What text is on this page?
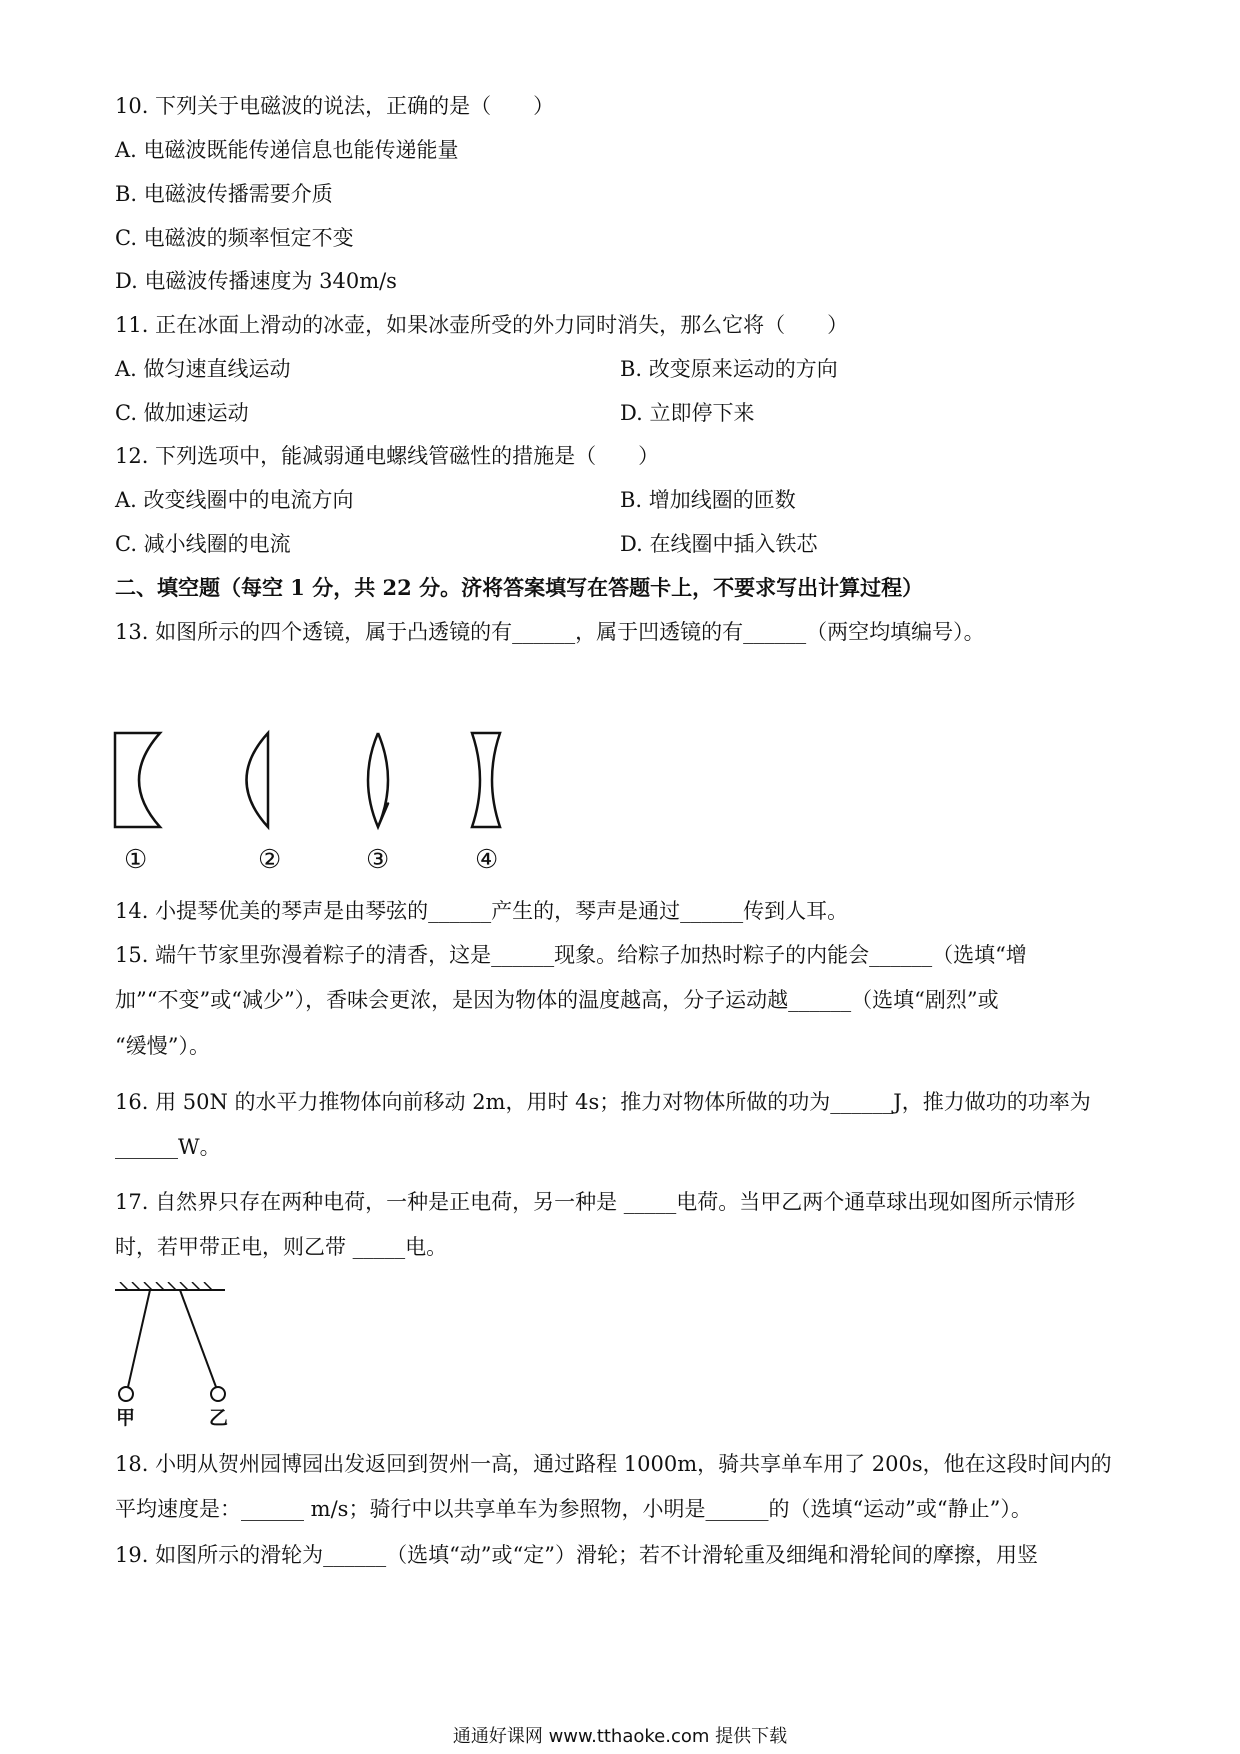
10. 下列关于电磁波的说法，正确的是（　　）
A. 电磁波既能传递信息也能传递能量
B. 电磁波传播需要介质
C. 电磁波的频率恒定不变
D. 电磁波传播速度为 340m/s
11. 正在冰面上滑动的冰壶，如果冰壶所受的外力同时消失，那么它将（　　）
A. 做匀速直线运动	B. 改变原来运动的方向
C. 做加速运动	D. 立即停下来
12. 下列选项中，能减弱通电螺线管磁性的措施是（　　）
A. 改变线圈中的电流方向	B. 增加线圈的匝数
C. 减小线圈的电流	D. 在线圈中插入铁芯
二、填空题（每空 1 分，共 22 分。济将答案填写在答题卡上，不要求写出计算过程）
13. 如图所示的四个透镜，属于凸透镜的有______，属于凹透镜的有______（两空均填编号）。
①	②	③	④
14. 小提琴优美的琴声是由琴弦的______产生的，琴声是通过______传到人耳。
15. 端午节家里弥漫着粽子的清香，这是______现象。给粽子加热时粽子的内能会______（选填“增
加”“不变”或“减少”），香味会更浓，是因为物体的温度越高，分子运动越______（选填“剧烈”或
“缓慢”）。
16. 用 50N 的水平力推物体向前移动 2m，用时 4s；推力对物体所做的功为______J，推力做功的功率为
______W。
17. 自然界只存在两种电荷，一种是正电荷，另一种是 _____电荷。当甲乙两个通草球出现如图所示情形
时，若甲带正电，则乙带 _____电。
甲	乙
18. 小明从贺州园博园出发返回到贺州一高，通过路程 1000m，骑共享单车用了 200s，他在这段时间内的
平均速度是：______ m/s；骑行中以共享单车为参照物，小明是______的（选填“运动”或“静止”）。
19. 如图所示的滑轮为______（选填“动”或“定”）滑轮；若不计滑轮重及细绳和滑轮间的摩擦，用竖
通通好课网 www.tthaoke.com 提供下载
